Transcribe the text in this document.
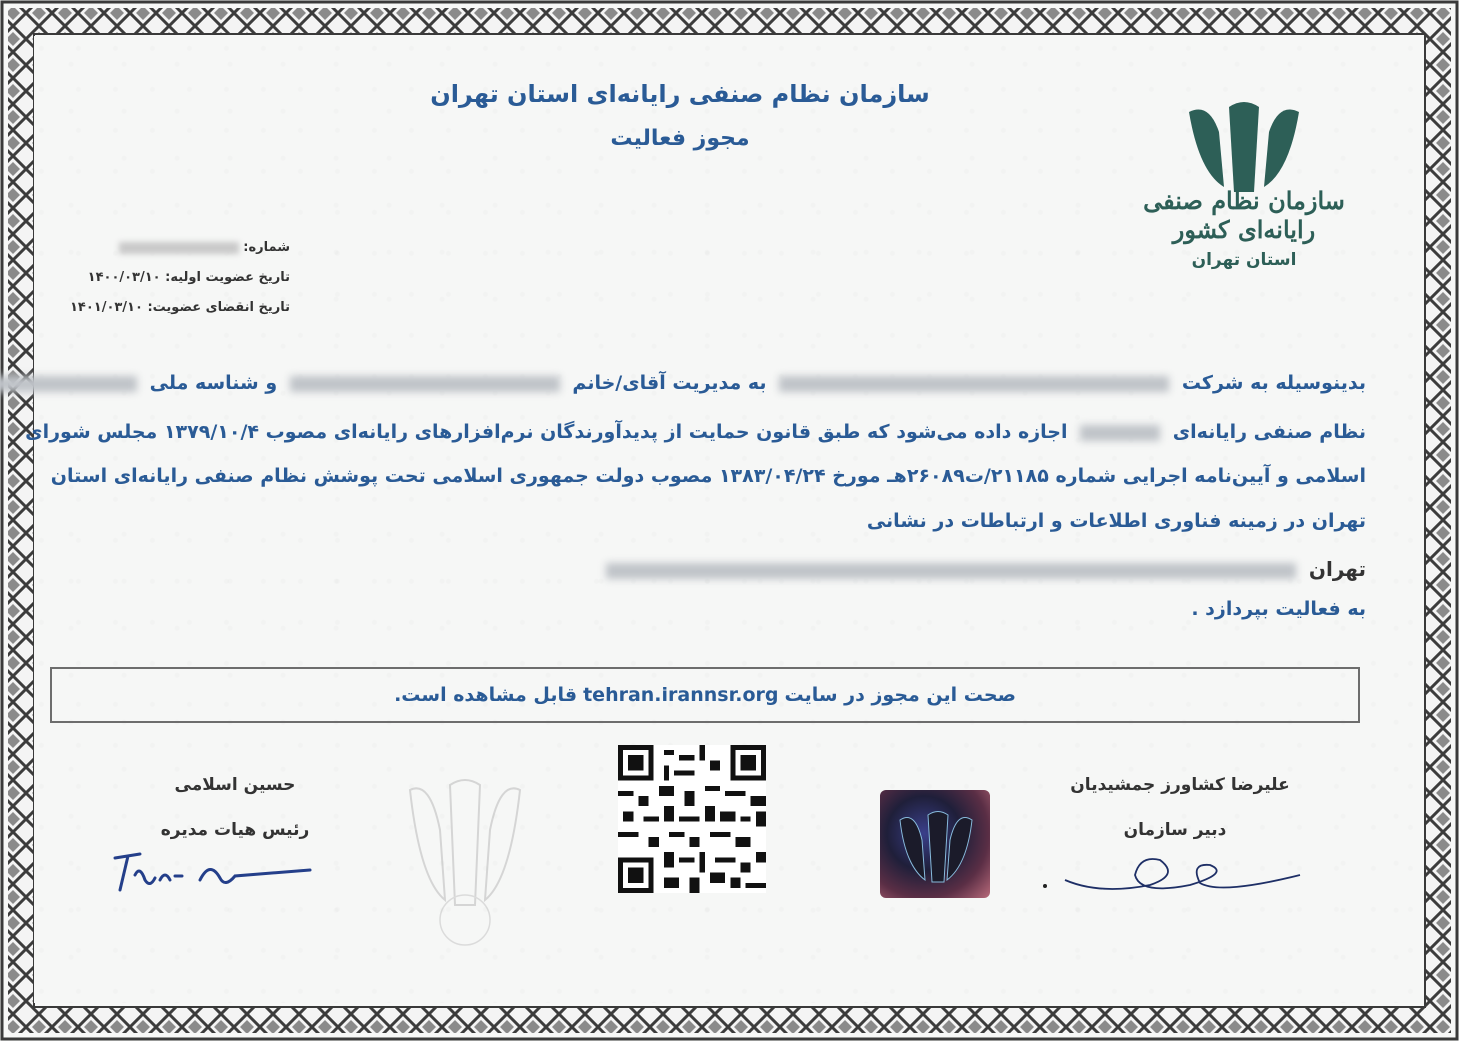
سازمان نظام صنفی رایانه‌ای استان تهران
مجوز فعالیت
سازمان نظام صنفی رایانه‌ای کشور
استان تهران
شماره:
تاریخ عضویت اولیه: ۱۴۰۰/۰۳/۱۰
تاریخ انقضای عضویت: ۱۴۰۱/۰۳/۱۰
بدینوسیله به شرکت  به مدیریت آقای/خانم  و شناسه ملی
نظام صنفی رایانه‌ای  اجازه داده می‌شود که طبق قانون حمایت از پدیدآورندگان نرم‌افزارهای رایانه‌ای مصوب ۱۳۷۹/۱۰/۴ مجلس شورای
اسلامی و آیین‌نامه اجرایی شماره ۲۱۱۸۵/ت۲۶۰۸۹هـ مورخ ۱۳۸۳/۰۴/۲۴ مصوب دولت جمهوری اسلامی تحت پوشش نظام صنفی رایانه‌ای استان
تهران در زمینه فناوری اطلاعات و ارتباطات در نشانی
تهران
به فعالیت بپردازد .
صحت این مجوز در سایت
tehran.irannsr.org
قابل مشاهده است.
حسین اسلامی
رئیس هیات مدیره
علیرضا کشاورز جمشیدیان
دبیر سازمان
